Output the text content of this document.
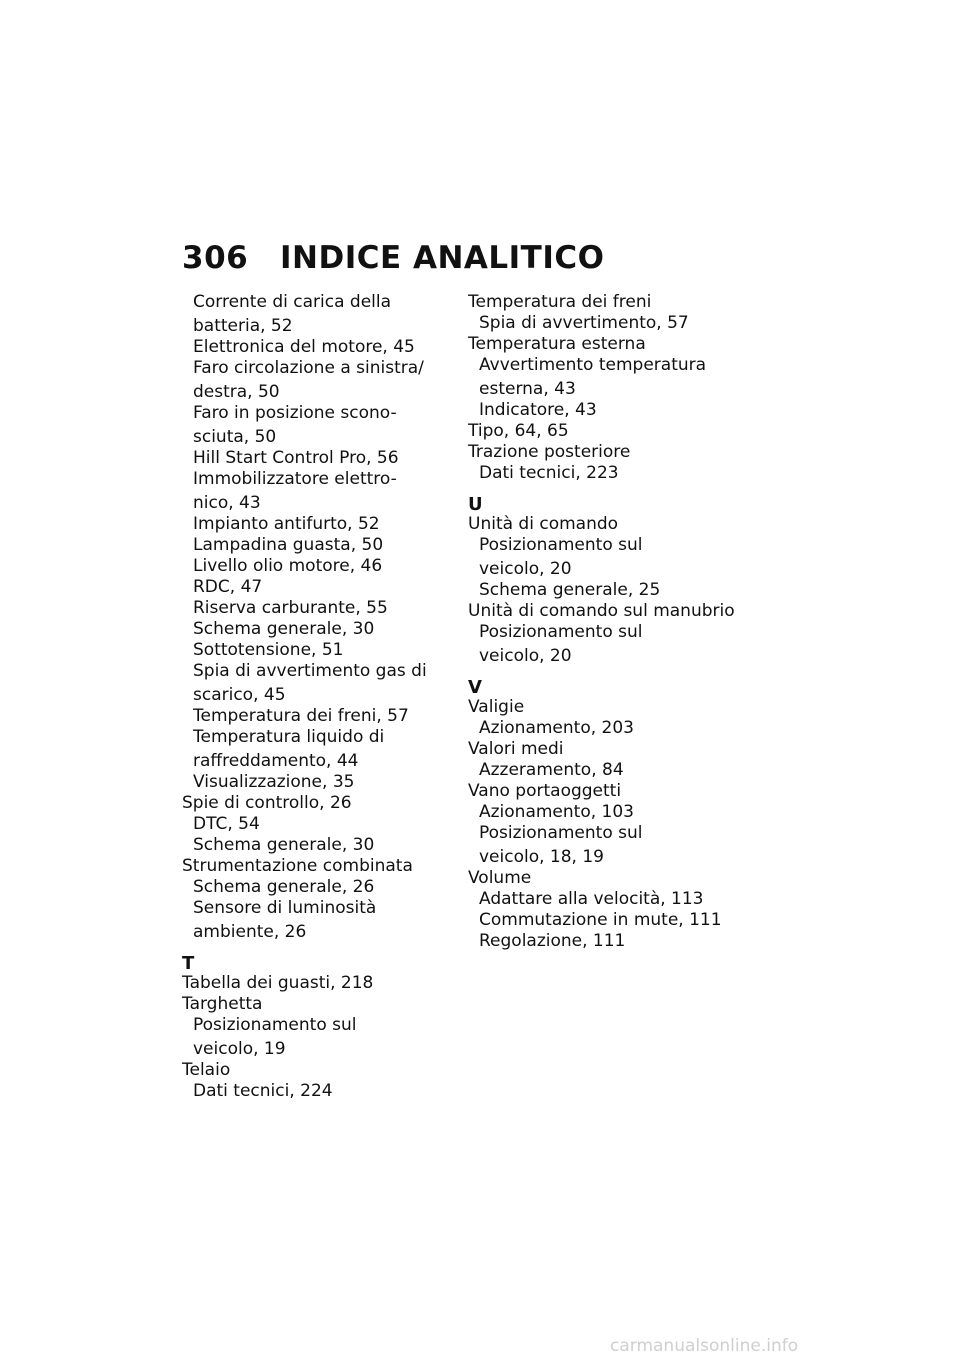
306 INDICE ANALITICO
Corrente di carica della
batteria, 52
Elettronica del motore, 45
Faro circolazione a sinistra/
destra, 50
Faro in posizione scono-
sciuta, 50
Hill Start Control Pro, 56
Immobilizzatore elettro-
nico, 43
Impianto antifurto, 52
Lampadina guasta, 50
Livello olio motore, 46
RDC, 47
Riserva carburante, 55
Schema generale, 30
Sottotensione, 51
Spia di avvertimento gas di
scarico, 45
Temperatura dei freni, 57
Temperatura liquido di
raffreddamento, 44
Visualizzazione, 35
Spie di controllo, 26
DTC, 54
Schema generale, 30
Strumentazione combinata
Schema generale, 26
Sensore di luminosità
ambiente, 26
T
Tabella dei guasti, 218
Targhetta
Posizionamento sul
veicolo, 19
Telaio
Dati tecnici, 224
Temperatura dei freni
Spia di avvertimento, 57
Temperatura esterna
Avvertimento temperatura
esterna, 43
Indicatore, 43
Tipo, 64, 65
Trazione posteriore
Dati tecnici, 223
U
Unità di comando
Posizionamento sul
veicolo, 20
Schema generale, 25
Unità di comando sul manubrio
Posizionamento sul
veicolo, 20
V
Valigie
Azionamento, 203
Valori medi
Azzeramento, 84
Vano portaoggetti
Azionamento, 103
Posizionamento sul
veicolo, 18, 19
Volume
Adattare alla velocità, 113
Commutazione in mute, 111
Regolazione, 111
carmanualsonline.info
